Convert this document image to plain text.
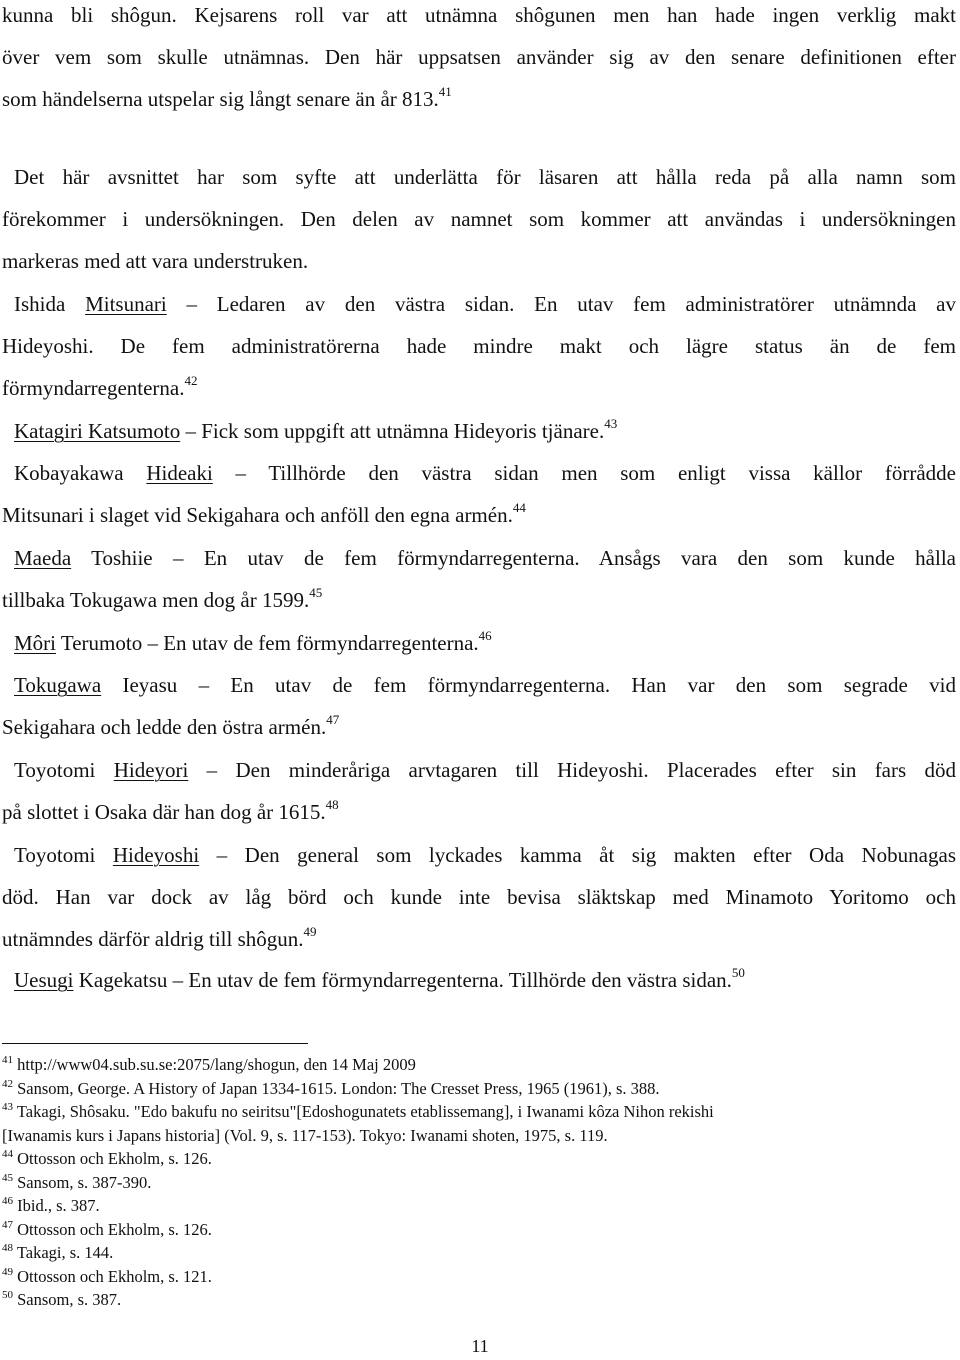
kunna bli shôgun. Kejsarens roll var att utnämna shôgunen men han hade ingen verklig makt
över vem som skulle utnämnas. Den här uppsatsen använder sig av den senare definitionen efter
som händelserna utspelar sig långt senare än år 813.41
Det här avsnittet har som syfte att underlätta för läsaren att hålla reda på alla namn som
förekommer i undersökningen. Den delen av namnet som kommer att användas i undersökningen
markeras med att vara understruken.
Ishida Mitsunari – Ledaren av den västra sidan. En utav fem administratörer utnämnda av
Hideyoshi. De fem administratörerna hade mindre makt och lägre status än de fem
förmyndarregenterna.$^{42}$
Katagiri Katsumoto – Fick som uppgift att utnämna Hideyoris tjänare.$^{43}$
Kobayakawa Hideaki – Tillhörde den västra sidan men som enligt vissa källor förrådde
Mitsunari i slaget vid Sekigahara och anföll den egna armén.$^{44}$
Maeda Toshiie – En utav de fem förmyndarregenterna. Ansågs vara den som kunde hålla
tillbaka Tokugawa men dog år 1599.45
Môri Terumoto – En utav de fem förmyndarregenterna.$^{46}$
Tokugawa Ieyasu – En utav de fem förmyndarregenterna. Han var den som segrade vid
Sekigahara och ledde den östra armén.$^{47}$
Toyotomi Hideyori – Den minderåriga arvtagaren till Hideyoshi. Placerades efter sin fars död
på slottet i Osaka där han dog år 1615.48
Toyotomi Hideyoshi – Den general som lyckades kamma åt sig makten efter Oda Nobunagas
död. Han var dock av låg börd och kunde inte bevisa släktskap med Minamoto Yoritomo och
utnämndes därför aldrig till shôgun.$^{49}$
Uesugi Kagekatsu – En utav de fem förmyndarregenterna. Tillhörde den västra sidan.$^{50}$
$^{41}$ http://www04.sub.su.se:2075/lang/shogun, den 14 Maj 2009
$^{42}$ Sansom, George. A History of Japan 1334-1615. London: The Cresset Press, 1965 (1961), s. 388.
$^{43}$ Takagi, Shôsaku. "Edo bakufu no seiritsu"[Edoshogunatets etablissemang], i Iwanami kôza Nihon rekishi
[Iwanamis kurs i Japans historia] (Vol. 9, s. 117-153). Tokyo: Iwanami shoten, 1975, s. 119.
$^{44}$ Ottosson och Ekholm, s. 126.
$^{45}$ Sansom, s. 387-390.
$^{46}$ Ibid., s. 387.
$^{47}$ Ottosson och Ekholm, s. 126.
$^{48}$ Takagi, s. 144.
$^{49}$ Ottosson och Ekholm, s. 121.
$^{50}$ Sansom, s. 387.
11
